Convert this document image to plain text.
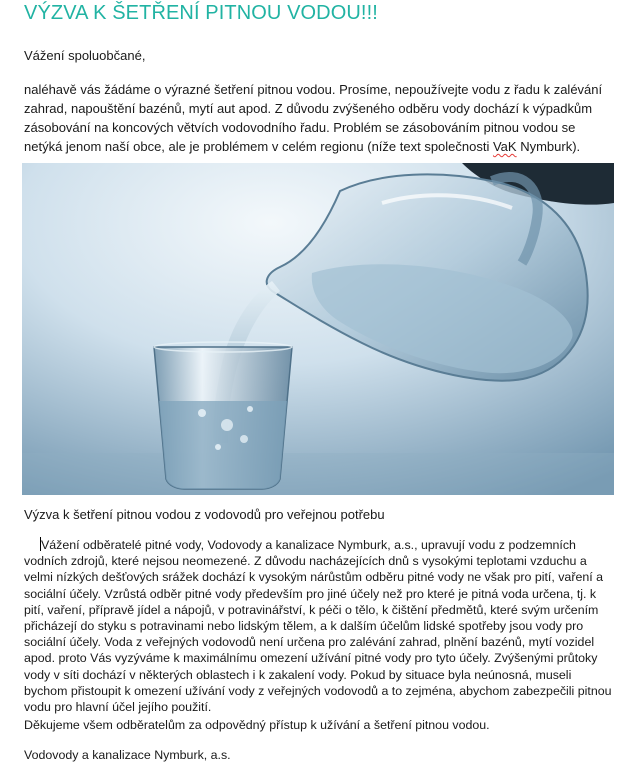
VÝZVA K ŠETŘENÍ PITNOU VODOU!!!
Vážení spoluobčané,
naléhavě vás žádáme o výrazné šetření pitnou vodou. Prosíme, nepoužívejte vodu z řadu k zalévání zahrad, napouštění bazénů, mytí aut apod. Z důvodu zvýšeného odběru vody dochází k výpadkům zásobování na koncových větvích vodovodního řadu. Problém se zásobováním pitnou vodou se netýká jenom naší obce, ale je problémem v celém regionu (níže text společnosti VaK Nymburk).
Výzva k šetření pitnou vodou z vodovodů pro veřejnou potřebu
Vážení odběratelé pitné vody, Vodovody a kanalizace Nymburk, a.s., upravují vodu z podzemních vodních zdrojů, které nejsou neomezené. Z důvodu nacházejících dnů s vysokými teplotami vzduchu a velmi nízkých dešťových srážek dochází k vysokým nárůstům odběru pitné vody ne však pro pití, vaření a sociální účely. Vzrůstá odběr pitné vody především pro jiné účely než pro které je pitná voda určena, tj. k pití, vaření, přípravě jídel a nápojů, v potravinářství, k péči o tělo, k čištění předmětů, které svým určením přicházejí do styku s potravinami nebo lidským tělem, a k dalším účelům lidské spotřeby jsou vody pro sociální účely. Voda z veřejných vodovodů není určena pro zalévání zahrad, plnění bazénů, mytí vozidel apod. proto Vás vyzýváme k maximálnímu omezení užívání pitné vody pro tyto účely. Zvýšenými průtoky vody v síti dochází v některých oblastech i k zakalení vody. Pokud by situace byla neúnosná, museli bychom přistoupit k omezení užívání vody z veřejných vodovodů a to zejména, abychom zabezpečili pitnou vodu pro hlavní účel jejího použití.
Děkujeme všem odběratelům za odpovědný přístup k užívání a šetření pitnou vodou.
Vodovody a kanalizace Nymburk, a.s.
